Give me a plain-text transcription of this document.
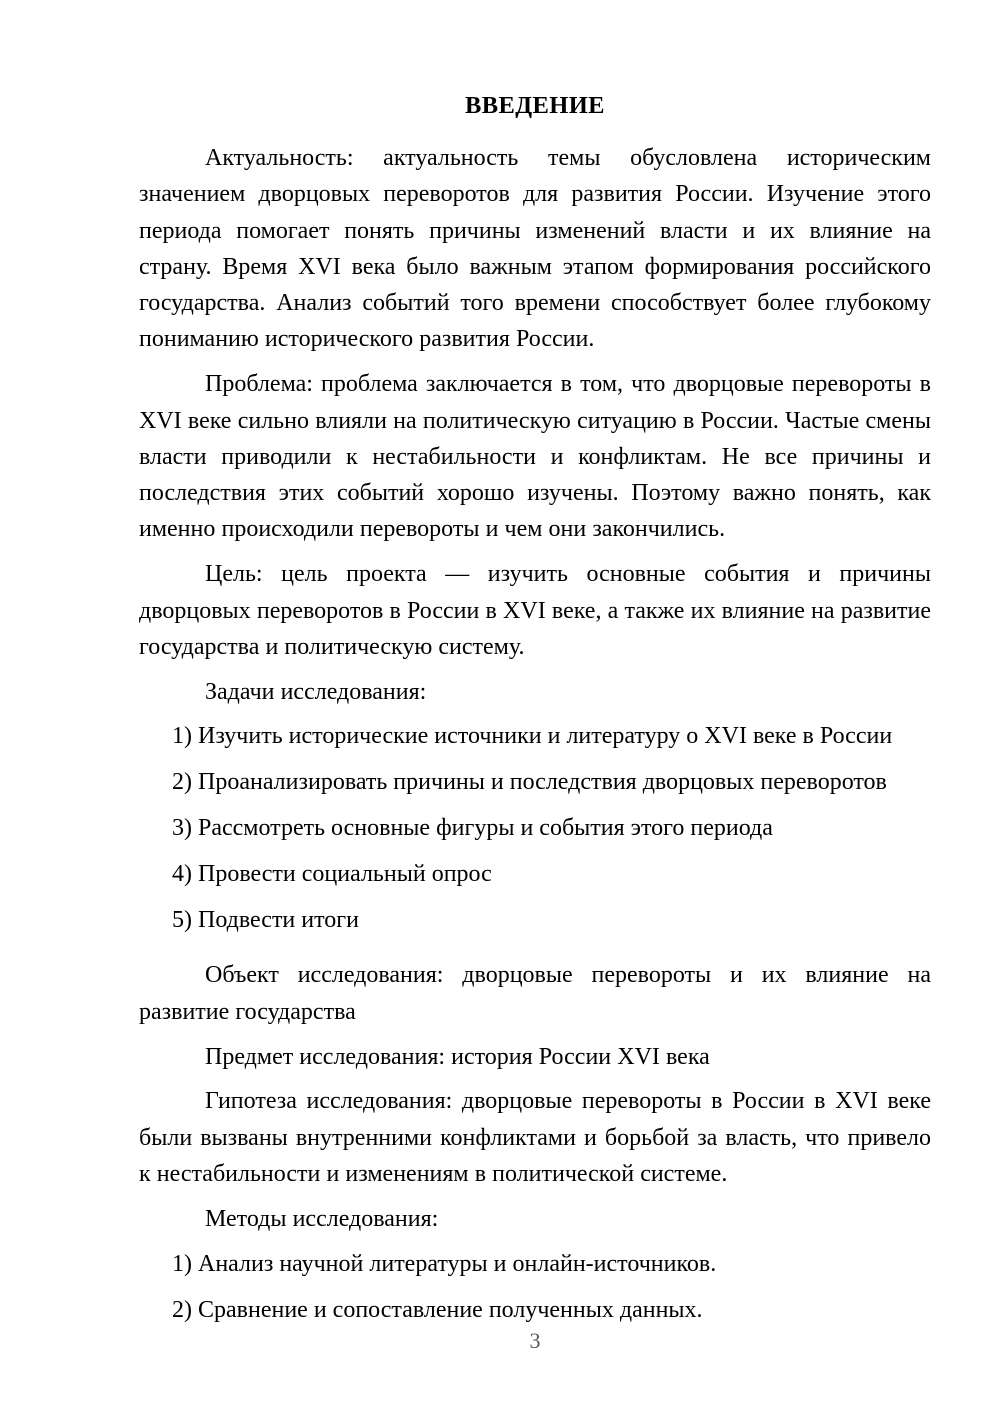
ВВЕДЕНИЕ

Актуальность: актуальность темы обусловлена историческим значением дворцовых переворотов для развития России. Изучение этого периода помогает понять причины изменений власти и их влияние на страну. Время XVI века было важным этапом формирования российского государства. Анализ событий того времени способствует более глубокому пониманию исторического развития России.

Проблема: проблема заключается в том, что дворцовые перевороты в XVI веке сильно влияли на политическую ситуацию в России. Частые смены власти приводили к нестабильности и конфликтам. Не все причины и последствия этих событий хорошо изучены. Поэтому важно понять, как именно происходили перевороты и чем они закончились.

Цель: цель проекта — изучить основные события и причины дворцовых переворотов в России в XVI веке, а также их влияние на развитие государства и политическую систему.

Задачи исследования:

1) Изучить исторические источники и литературу о XVI веке в России
2) Проанализировать причины и последствия дворцовых переворотов
3) Рассмотреть основные фигуры и события этого периода
4) Провести социальный опрос
5) Подвести итоги

Объект исследования: дворцовые перевороты и их влияние на развитие государства

Предмет исследования: история России XVI века

Гипотеза исследования: дворцовые перевороты в России в XVI веке были вызваны внутренними конфликтами и борьбой за власть, что привело к нестабильности и изменениям в политической системе.

Методы исследования:

1) Анализ научной литературы и онлайн-источников.
2) Сравнение и сопоставление полученных данных.
3
